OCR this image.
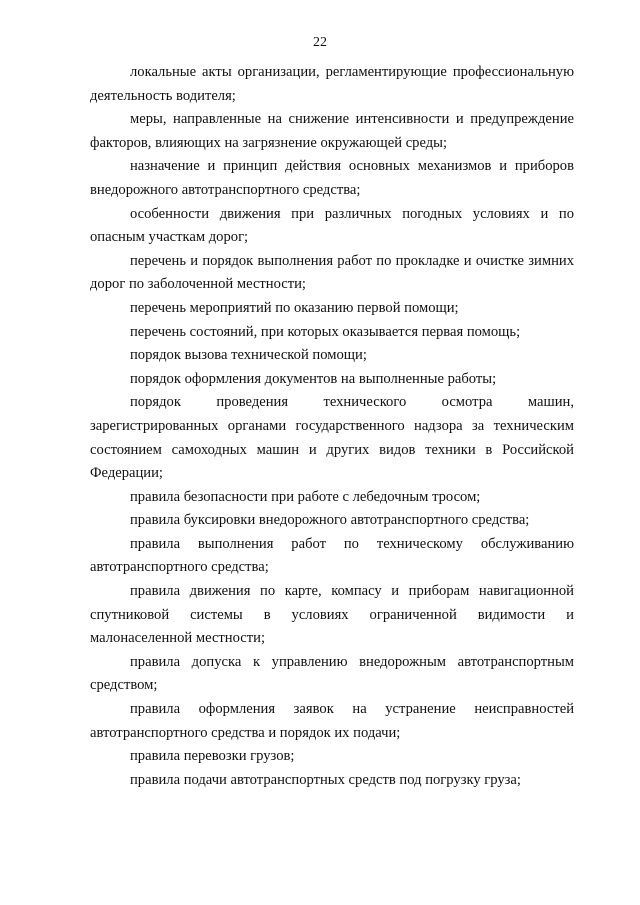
22

локальные акты организации, регламентирующие профессиональную деятельность водителя;

меры, направленные на снижение интенсивности и предупреждение факторов, влияющих на загрязнение окружающей среды;

назначение и принцип действия основных механизмов и приборов внедорожного автотранспортного средства;

особенности движения при различных погодных условиях и по опасным участкам дорог;

перечень и порядок выполнения работ по прокладке и очистке зимних дорог по заболоченной местности;

перечень мероприятий по оказанию первой помощи;

перечень состояний, при которых оказывается первая помощь;

порядок вызова технической помощи;

порядок оформления документов на выполненные работы;

порядок проведения технического осмотра машин, зарегистрированных органами государственного надзора за техническим состоянием самоходных машин и других видов техники в Российской Федерации;

правила безопасности при работе с лебедочным тросом;

правила буксировки внедорожного автотранспортного средства;

правила выполнения работ по техническому обслуживанию автотранспортного средства;

правила движения по карте, компасу и приборам навигационной спутниковой системы в условиях ограниченной видимости и малонаселенной местности;

правила допуска к управлению внедорожным автотранспортным средством;

правила оформления заявок на устранение неисправностей автотранспортного средства и порядок их подачи;

правила перевозки грузов;

правила подачи автотранспортных средств под погрузку груза;
